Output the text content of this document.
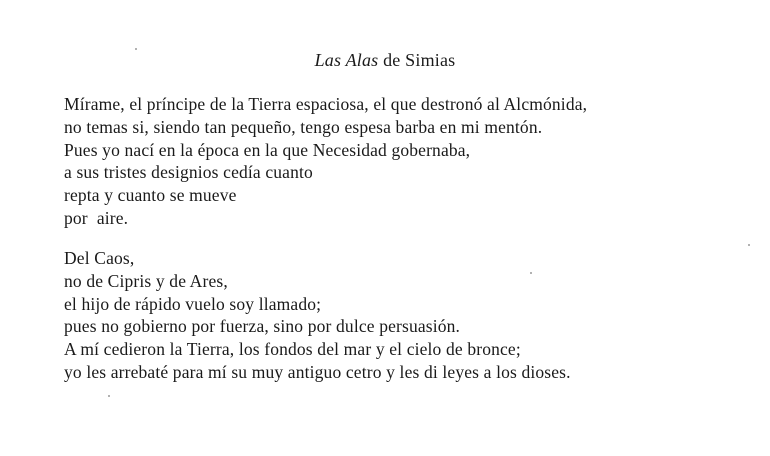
Las Alas de Simias
Mírame, el príncipe de la Tierra espaciosa, el que destronó al Alcmónida,
no temas si, siendo tan pequeño, tengo espesa barba en mi mentón.
Pues yo nací en la época en la que Necesidad gobernaba,
a sus tristes designios cedía cuanto
repta y cuanto se mueve
por  aire.
Del Caos,
no de Cipris y de Ares,
el hijo de rápido vuelo soy llamado;
pues no gobierno por fuerza, sino por dulce persuasión.
A mí cedieron la Tierra, los fondos del mar y el cielo de bronce;
yo les arrebaté para mí su muy antiguo cetro y les di leyes a los dioses.
